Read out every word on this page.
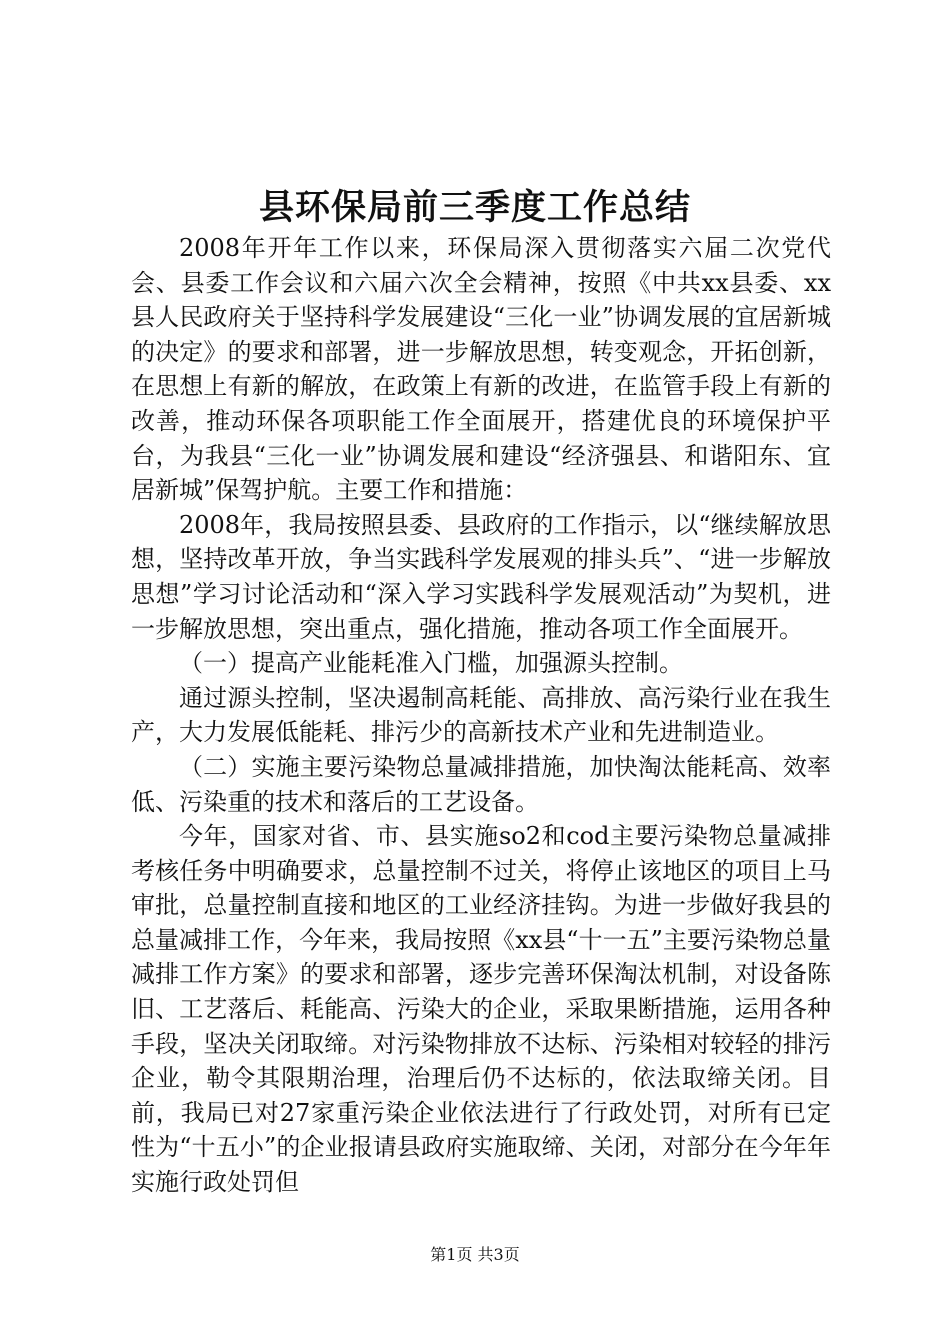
县环保局前三季度工作总结

2008年开年工作以来，环保局深入贯彻落实六届二次党代会、县委工作会议和六届六次全会精神，按照《中共xx县委、xx县人民政府关于坚持科学发展建设“三化一业”协调发展的宜居新城的决定》的要求和部署，进一步解放思想，转变观念，开拓创新，在思想上有新的解放，在政策上有新的改进，在监管手段上有新的改善，推动环保各项职能工作全面展开，搭建优良的环境保护平台，为我县“三化一业”协调发展和建设“经济强县、和谐阳东、宜居新城”保驾护航。主要工作和措施：

2008年，我局按照县委、县政府的工作指示，以“继续解放思想，坚持改革开放，争当实践科学发展观的排头兵”、“进一步解放思想”学习讨论活动和“深入学习实践科学发展观活动”为契机，进一步解放思想，突出重点，强化措施，推动各项工作全面展开。

（一）提高产业能耗准入门槛，加强源头控制。

通过源头控制，坚决遏制高耗能、高排放、高污染行业在我生产，大力发展低能耗、排污少的高新技术产业和先进制造业。

（二）实施主要污染物总量减排措施，加快淘汰能耗高、效率低、污染重的技术和落后的工艺设备。

今年，国家对省、市、县实施so2和cod主要污染物总量减排考核任务中明确要求，总量控制不过关，将停止该地区的项目上马审批，总量控制直接和地区的工业经济挂钩。为进一步做好我县的总量减排工作，今年来，我局按照《xx县“十一五”主要污染物总量减排工作方案》的要求和部署，逐步完善环保淘汰机制，对设备陈旧、工艺落后、耗能高、污染大的企业，采取果断措施，运用各种手段，坚决关闭取缔。对污染物排放不达标、污染相对较轻的排污企业，勒令其限期治理，治理后仍不达标的，依法取缔关闭。目前，我局已对27家重污染企业依法进行了行政处罚，对所有已定性为“十五小”的企业报请县政府实施取缔、关闭，对部分在今年年实施行政处罚但

第1页 共3页
